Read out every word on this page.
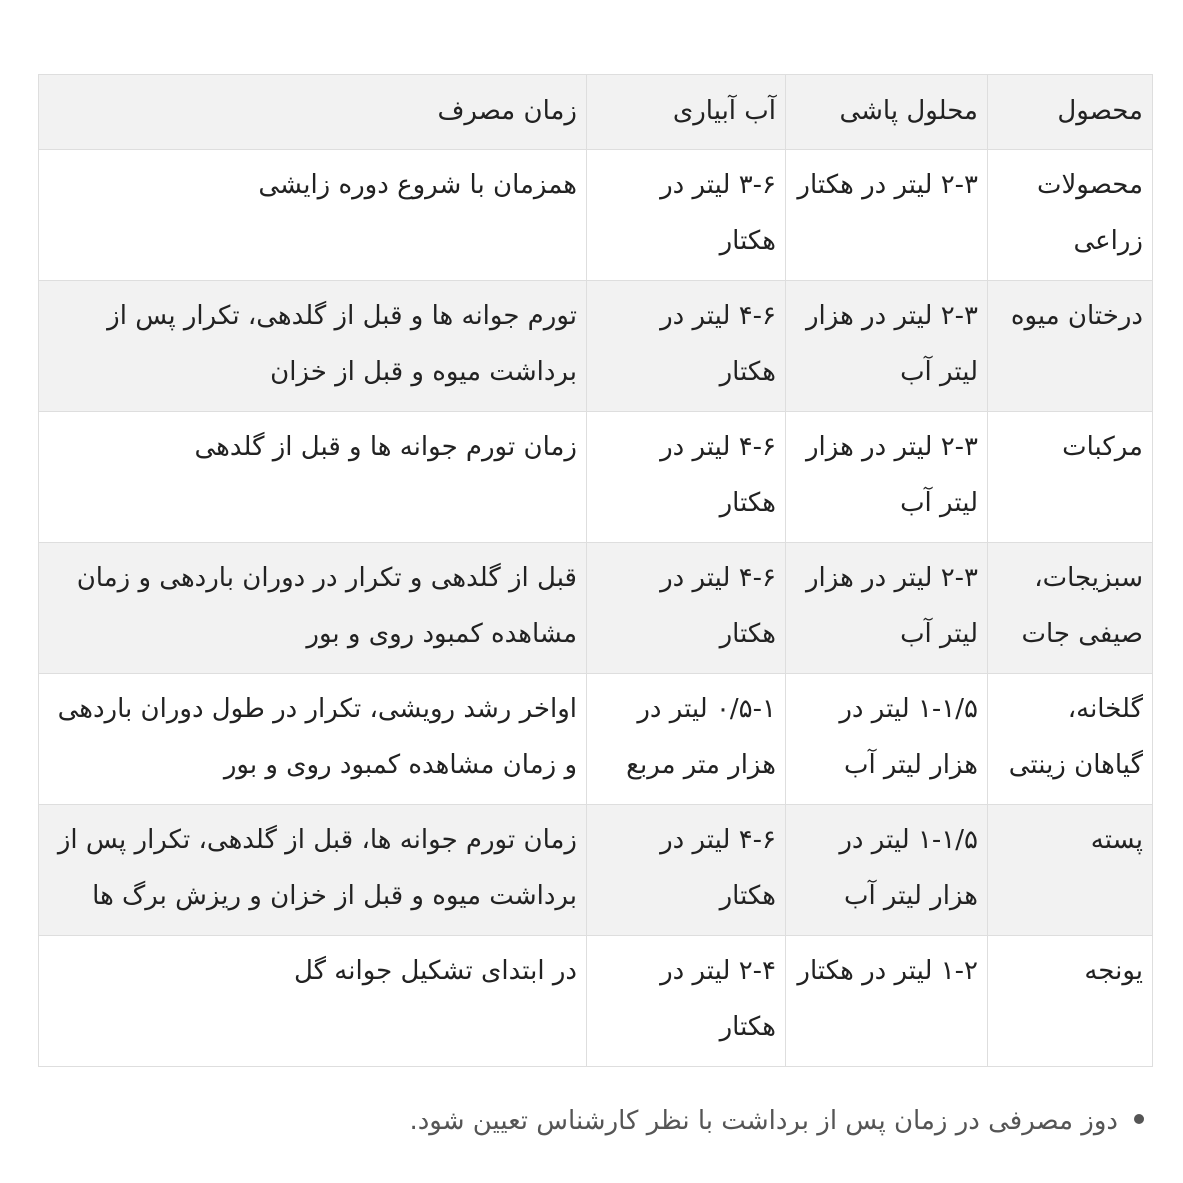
محصول	محلول پاشی	آب آبیاری	زمان مصرف
محصولات زراعی	۲-۳ لیتر در هکتار	۳-۶ لیتر در هکتار	همزمان با شروع دوره زایشی
درختان میوه	۲-۳ لیتر در هزار لیتر آب	۴-۶ لیتر در هکتار	تورم جوانه ها و قبل از گلدهی، تکرار پس از برداشت میوه و قبل از خزان
مرکبات	۲-۳ لیتر در هزار لیتر آب	۴-۶ لیتر در هکتار	زمان تورم جوانه ها و قبل از گلدهی
سبزیجات، صیفی جات	۲-۳ لیتر در هزار لیتر آب	۴-۶ لیتر در هکتار	قبل از گلدهی و تکرار در دوران باردهی و زمان مشاهده کمبود روی و بور
گلخانه، گیاهان زینتی	۱-۱/۵ لیتر در هزار لیتر آب	۰/۵-۱ لیتر در هزار متر مربع	اواخر رشد رویشی، تکرار در طول دوران باردهی و زمان مشاهده کمبود روی و بور
پسته	۱-۱/۵ لیتر در هزار لیتر آب	۴-۶ لیتر در هکتار	زمان تورم جوانه ها، قبل از گلدهی، تکرار پس از برداشت میوه و قبل از خزان و ریزش برگ ها
یونجه	۱-۲ لیتر در هکتار	۲-۴ لیتر در هکتار	در ابتدای تشکیل جوانه گل
دوز مصرفی در زمان پس از برداشت با نظر کارشناس تعیین شود.
